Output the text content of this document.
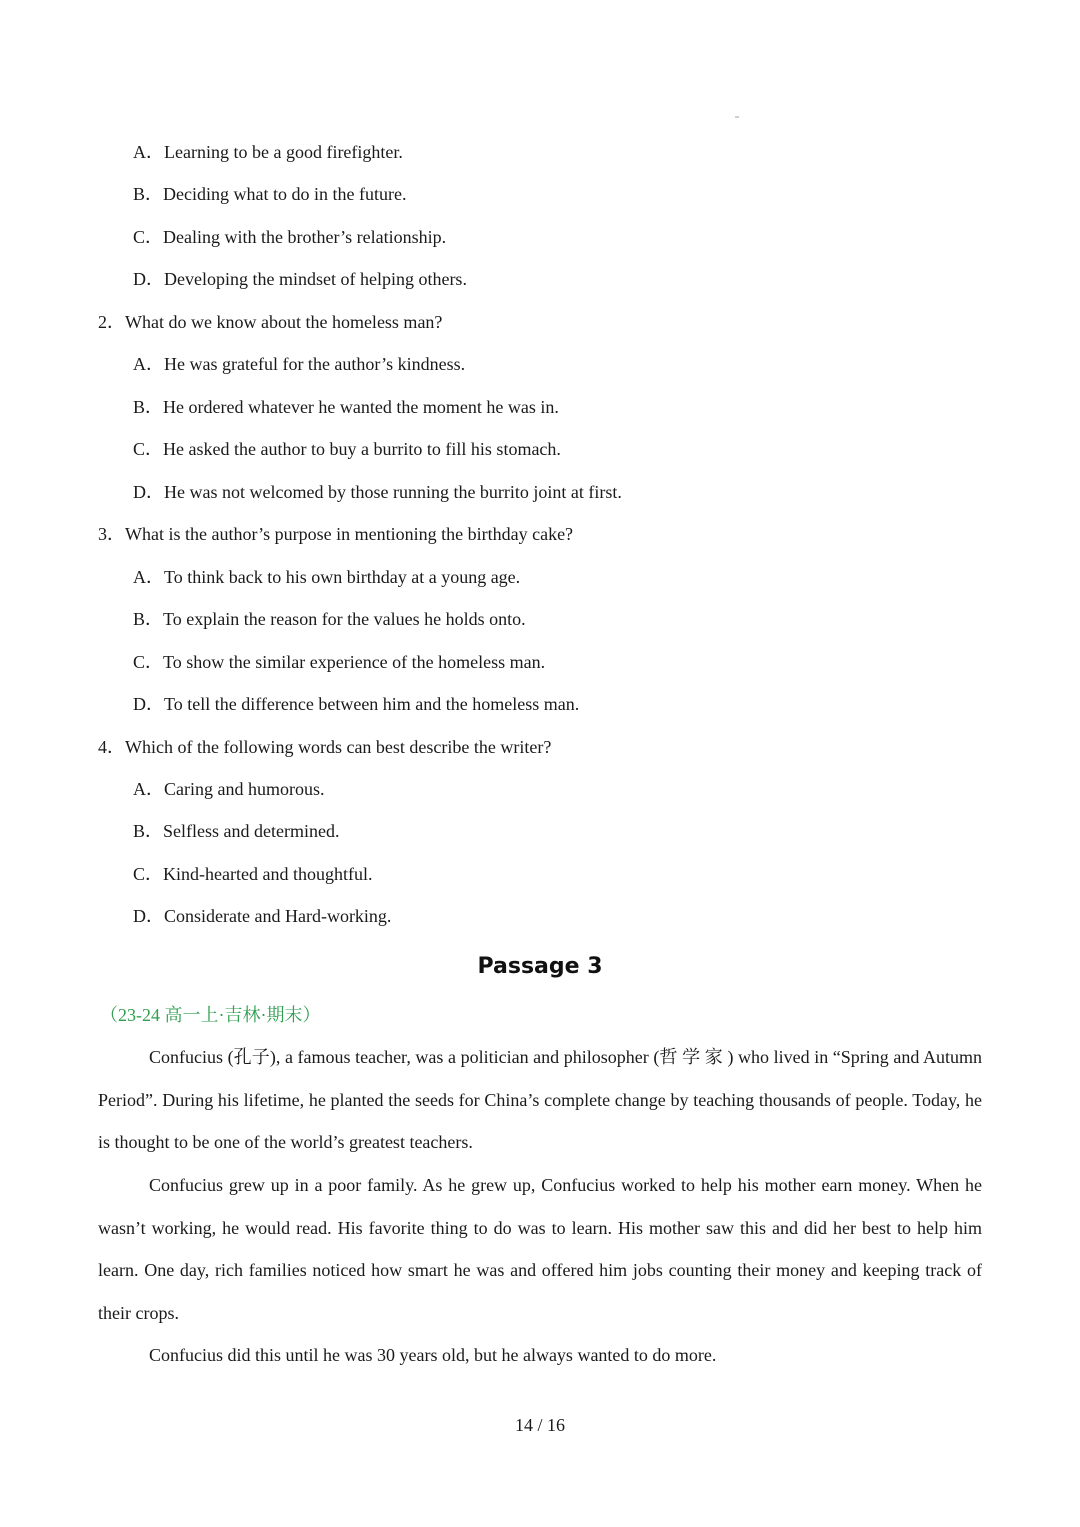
A．Learning to be a good firefighter.
B．Deciding what to do in the future.
C．Dealing with the brother’s relationship.
D．Developing the mindset of helping others.
2．What do we know about the homeless man?
A．He was grateful for the author’s kindness.
B．He ordered whatever he wanted the moment he was in.
C．He asked the author to buy a burrito to fill his stomach.
D．He was not welcomed by those running the burrito joint at first.
3．What is the author’s purpose in mentioning the birthday cake?
A．To think back to his own birthday at a young age.
B．To explain the reason for the values he holds onto.
C．To show the similar experience of the homeless man.
D．To tell the difference between him and the homeless man.
4．Which of the following words can best describe the writer?
A．Caring and humorous.
B．Selfless and determined.
C．Kind-hearted and thoughtful.
D．Considerate and Hard-working.
Passage 3
（23-24 高一上·吉林·期末）
Confucius (孔子), a famous teacher, was a politician and philosopher (哲 学 家 ) who lived in “Spring and Autumn Period”. During his lifetime, he planted the seeds for China’s complete change by teaching thousands of people. Today, he is thought to be one of the world’s greatest teachers.
Confucius grew up in a poor family. As he grew up, Confucius worked to help his mother earn money. When he wasn’t working, he would read. His favorite thing to do was to learn. His mother saw this and did her best to help him learn. One day, rich families noticed how smart he was and offered him jobs counting their money and keeping track of their crops.
Confucius did this until he was 30 years old, but he always wanted to do more.
14 / 16
